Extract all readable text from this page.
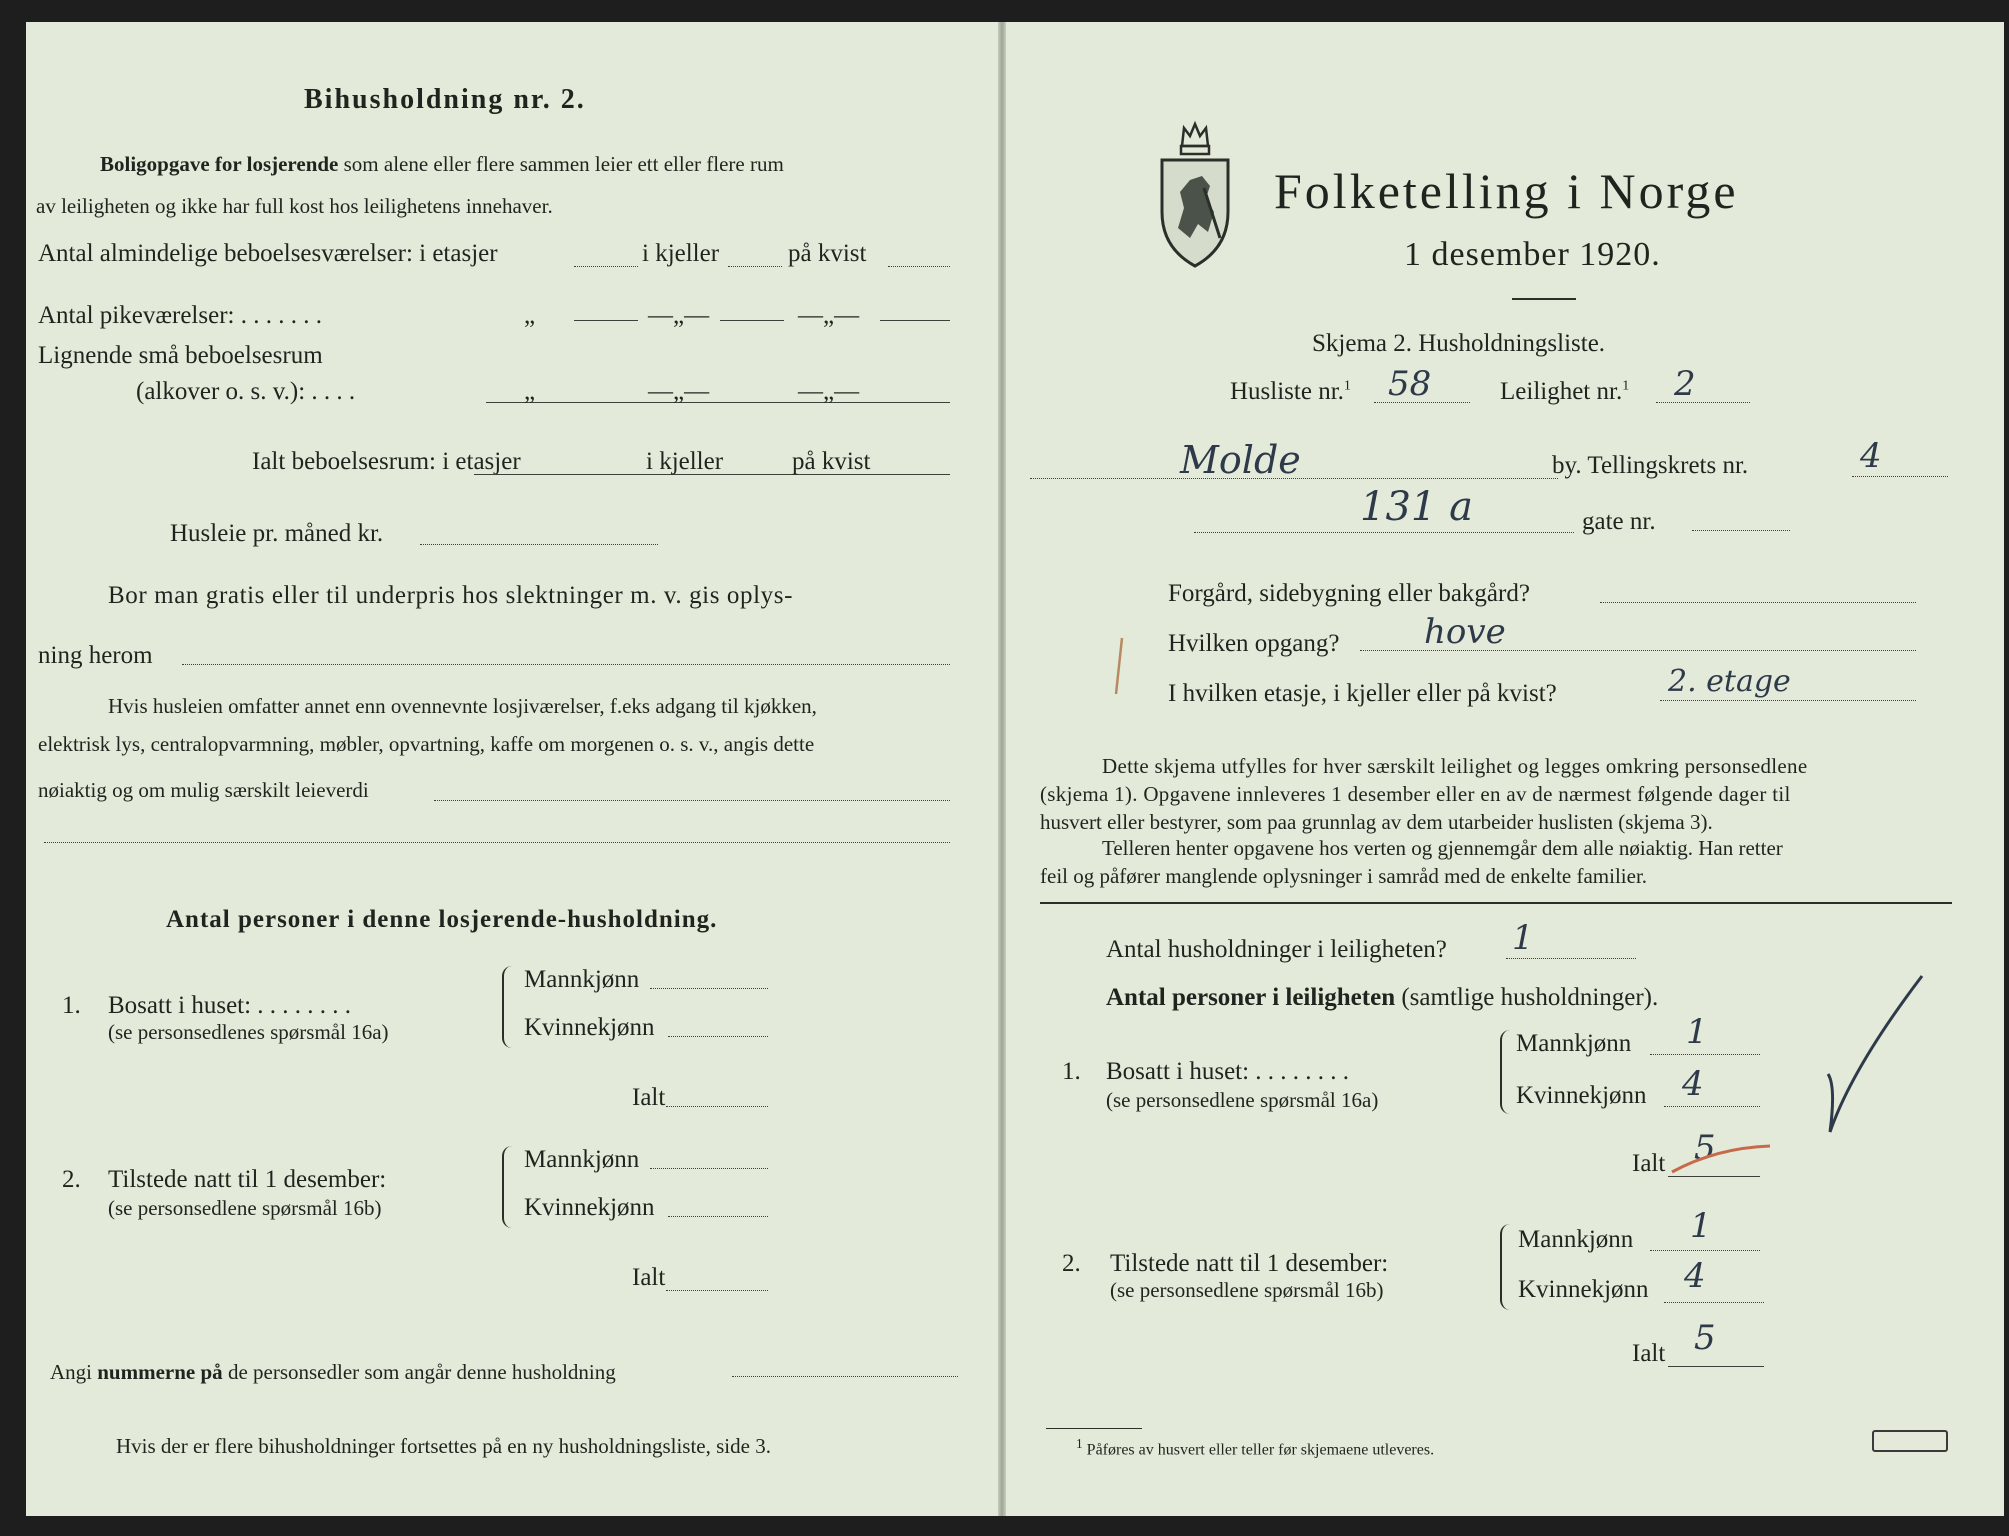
Bihusholdning nr. 2.
Boligopgave for losjerende som alene eller flere sammen leier ett eller flere rum
av leiligheten og ikke har full kost hos leilighetens innehaver.
Antal almindelige beboelsesværelser: i etasjer	i kjeller	på kvist
Antal pikeværelser: . . . . . . .	„	—„—	—„—
Lignende små beboelsesrum
(alkover o. s. v.): . . . .	„	—„—	—„—
Ialt beboelsesrum: i etasjer	i kjeller	på kvist
Husleie pr. måned kr.
Bor man gratis eller til underpris hos slektninger m. v. gis oplys-
ning herom
Hvis husleien omfatter annet enn ovennevnte losjiværelser, f.eks adgang til kjøkken,
elektrisk lys, centralopvarmning, møbler, opvartning, kaffe om morgenen o. s. v., angis dette
nøiaktig og om mulig særskilt leieverdi
Antal personer i denne losjerende-husholdning.
1. Bosatt i huset: . . . . . . . .
(se personsedlenes spørsmål 16a)
Mannkjønn
Kvinnekjønn
Ialt
2. Tilstede natt til 1 desember:
(se personsedlene spørsmål 16b)
Mannkjønn
Kvinnekjønn
Ialt
Angi nummerne på de personsedler som angår denne husholdning
Hvis der er flere bihusholdninger fortsettes på en ny husholdningsliste, side 3.
Folketelling i Norge
1 desember 1920.
Skjema 2. Husholdningsliste.
Husliste nr.$^1$ 58	Leilighet nr.$^1$ 2
Molde	by. Tellingskrets nr.	4
131 a	gate nr.
Forgård, sidebygning eller bakgård?
Hvilken opgang? hove
I hvilken etasje, i kjeller eller på kvist?	2. etage
Dette skjema utfylles for hver særskilt leilighet og legges omkring personsedlene
(skjema 1). Opgavene innleveres 1 desember eller en av de nærmest følgende dager til
husvert eller bestyrer, som paa grunnlag av dem utarbeider huslisten (skjema 3).
Telleren henter opgavene hos verten og gjennemgår dem alle nøiaktig. Han retter
feil og påfører manglende oplysninger i samråd med de enkelte familier.
Antal husholdninger i leiligheten? 1
Antal personer i leiligheten (samtlige husholdninger).
1. Bosatt i huset: . . . . . . . .
(se personsedlene spørsmål 16a)
Mannkjønn 1
Kvinnekjønn 4
Ialt 5
2. Tilstede natt til 1 desember:
(se personsedlene spørsmål 16b)
Mannkjønn 1
Kvinnekjønn 4
Ialt 5
$^1$ Påføres av husvert eller teller før skjemaene utleveres.
